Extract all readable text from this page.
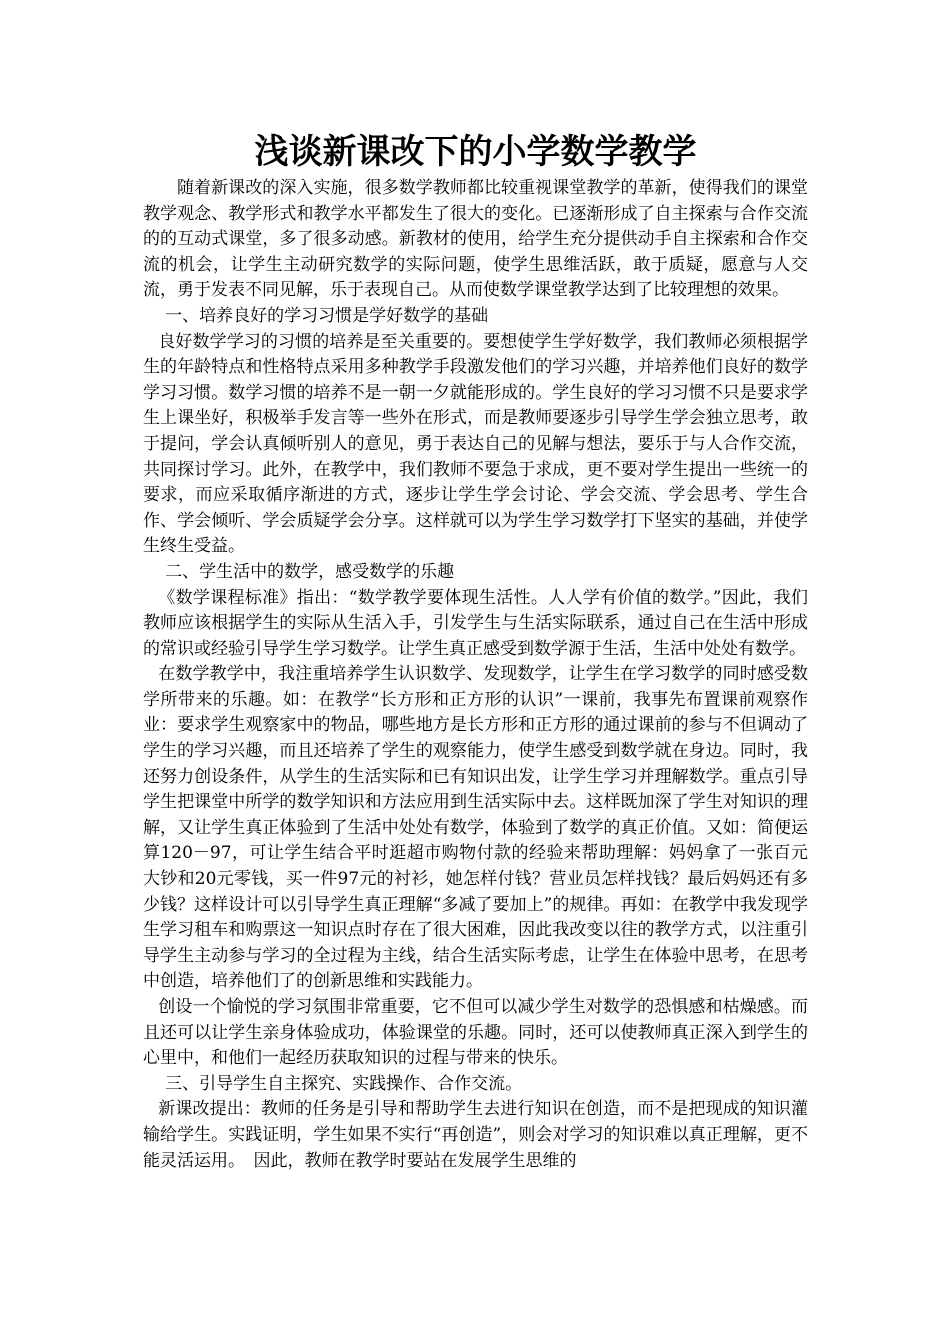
浅谈新课改下的小学数学教学

随着新课改的深入实施，很多数学教师都比较重视课堂教学的革新，使得我们的课堂教学观念、教学形式和教学水平都发生了很大的变化。已逐渐形成了自主探索与合作交流的的互动式课堂，多了很多动感。新教材的使用，给学生充分提供动手自主探索和合作交流的机会，让学生主动研究数学的实际问题，使学生思维活跃，敢于质疑，愿意与人交流，勇于发表不同见解，乐于表现自己。从而使数学课堂教学达到了比较理想的效果。

一、培养良好的学习习惯是学好数学的基础

良好数学学习的习惯的培养是至关重要的。要想使学生学好数学，我们教师必须根据学生的年龄特点和性格特点采用多种教学手段激发他们的学习兴趣，并培养他们良好的数学学习习惯。数学习惯的培养不是一朝一夕就能形成的。学生良好的学习习惯不只是要求学生上课坐好，积极举手发言等一些外在形式，而是教师要逐步引导学生学会独立思考，敢于提问，学会认真倾听别人的意见，勇于表达自己的见解与想法，要乐于与人合作交流，共同探讨学习。此外，在教学中，我们教师不要急于求成，更不要对学生提出一些统一的要求，而应采取循序渐进的方式，逐步让学生学会讨论、学会交流、学会思考、学生合作、学会倾听、学会质疑学会分享。这样就可以为学生学习数学打下坚实的基础，并使学生终生受益。

二、学生活中的数学，感受数学的乐趣

《数学课程标准》指出：“数学教学要体现生活性。人人学有价值的数学。”因此，我们教师应该根据学生的实际从生活入手，引发学生与生活实际联系，通过自己在生活中形成的常识或经验引导学生学习数学。让学生真正感受到数学源于生活，生活中处处有数学。

在数学教学中，我注重培养学生认识数学、发现数学，让学生在学习数学的同时感受数学所带来的乐趣。如：在教学“长方形和正方形的认识”一课前，我事先布置课前观察作业：要求学生观察家中的物品，哪些地方是长方形和正方形的通过课前的参与不但调动了学生的学习兴趣，而且还培养了学生的观察能力，使学生感受到数学就在身边。同时，我还努力创设条件，从学生的生活实际和已有知识出发，让学生学习并理解数学。重点引导学生把课堂中所学的数学知识和方法应用到生活实际中去。这样既加深了学生对知识的理解，又让学生真正体验到了生活中处处有数学，体验到了数学的真正价值。又如：简便运算120－97，可让学生结合平时逛超市购物付款的经验来帮助理解：妈妈拿了一张百元大钞和20元零钱，买一件97元的衬衫，她怎样付钱？营业员怎样找钱？最后妈妈还有多少钱？这样设计可以引导学生真正理解“多减了要加上”的规律。再如：在教学中我发现学生学习租车和购票这一知识点时存在了很大困难，因此我改变以往的教学方式，以注重引导学生主动参与学习的全过程为主线，结合生活实际考虑，让学生在体验中思考，在思考中创造，培养他们了的创新思维和实践能力。

创设一个愉悦的学习氛围非常重要，它不但可以减少学生对数学的恐惧感和枯燥感。而且还可以让学生亲身体验成功，体验课堂的乐趣。同时，还可以使教师真正深入到学生的心里中，和他们一起经历获取知识的过程与带来的快乐。

三、引导学生自主探究、实践操作、合作交流。

新课改提出：教师的任务是引导和帮助学生去进行知识在创造，而不是把现成的知识灌输给学生。实践证明，学生如果不实行“再创造”，则会对学习的知识难以真正理解，更不能灵活运用。　因此，教师在教学时要站在发展学生思维的
